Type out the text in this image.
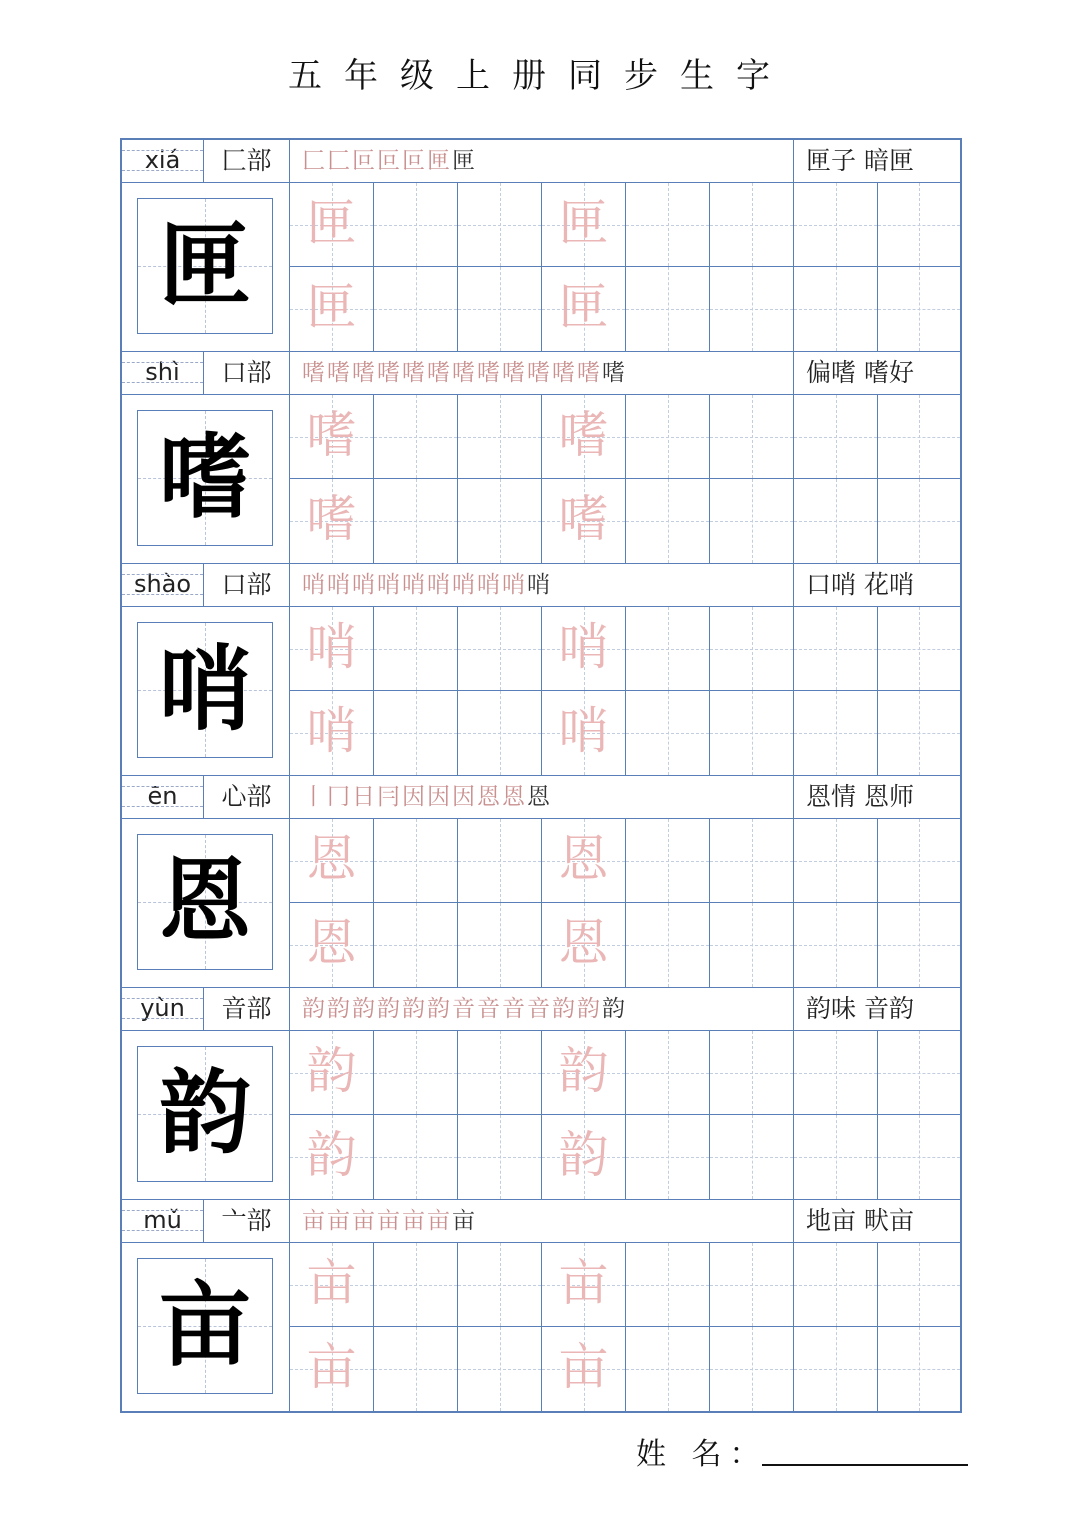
五年级上册同步生字
xiá	匚部	匚匚叵叵叵匣匣	匣子 暗匣
匣	匣	匣
匣	匣
shì	口部	嗜嗜嗜嗜嗜嗜嗜嗜嗜嗜嗜嗜嗜	偏嗜 嗜好
嗜	嗜	嗜
嗜	嗜
shào	口部	哨哨哨哨哨哨哨哨哨哨	口哨 花哨
哨	哨	哨
哨	哨
ēn	心部	丨冂日冃因因因恩恩恩	恩情 恩师
恩	恩	恩
恩	恩
yùn	音部	韵韵韵韵韵韵音音音音韵韵韵	韵味 音韵
韵	韵	韵
韵	韵
mǔ	亠部	亩亩亩亩亩亩亩	地亩 畎亩
亩	亩	亩
亩	亩
姓 名：
